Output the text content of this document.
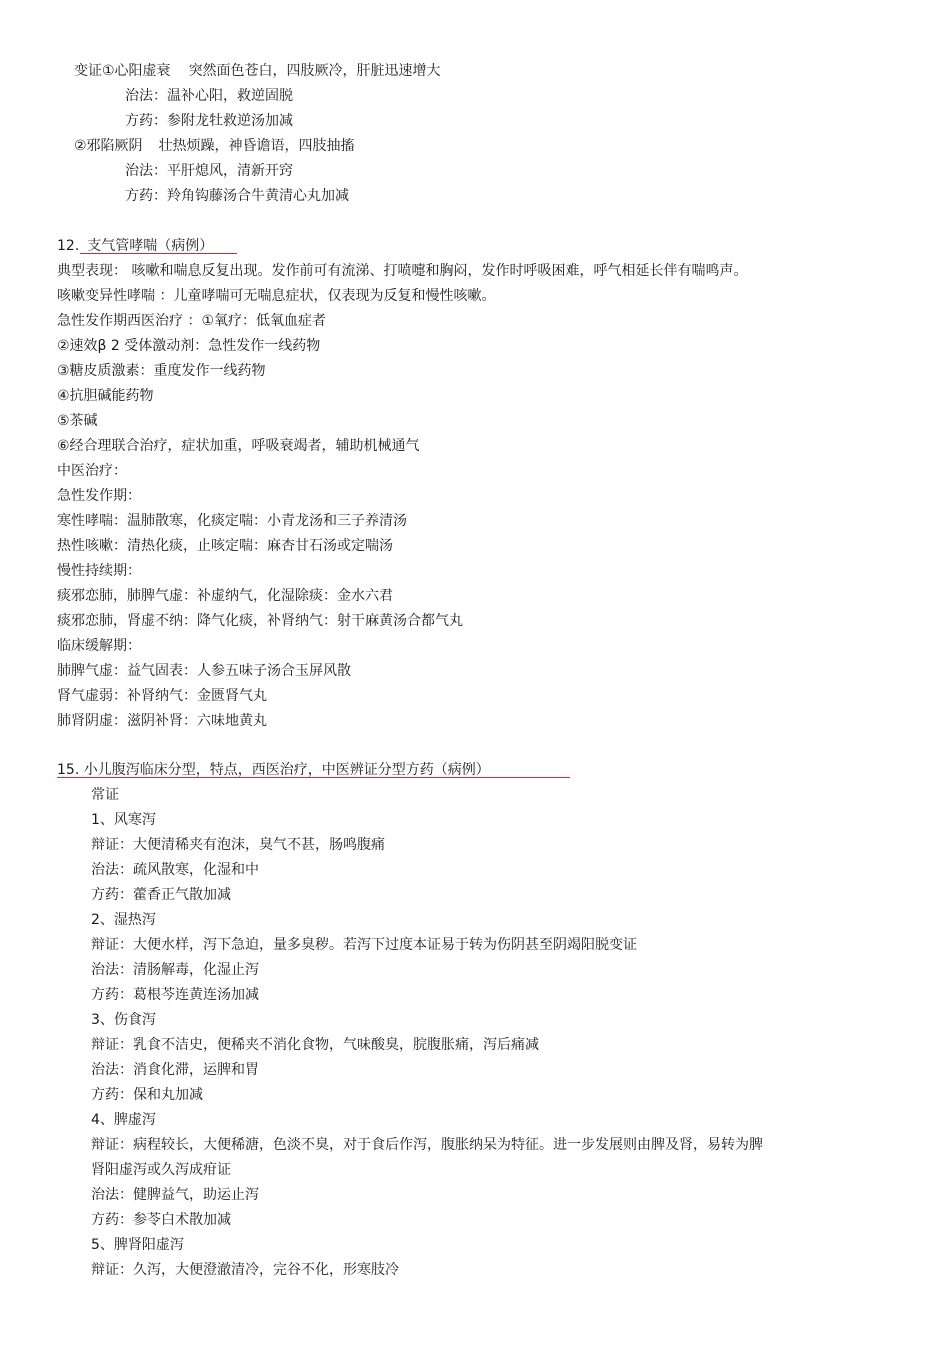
变证①心阳虚衰 突然面色苍白，四肢厥冷，肝脏迅速增大
治法：温补心阳，救逆固脱
方药：参附龙牡救逆汤加减
②邪陷厥阴 壮热烦躁，神昏谵语，四肢抽搐
治法：平肝熄风，清新开窍
方药：羚角钩藤汤合牛黄清心丸加减
12. 支气管哮喘（病例）
典型表现： 咳嗽和喘息反复出现。发作前可有流涕、打喷嚏和胸闷，发作时呼吸困难，呼气相延长伴有喘鸣声。
咳嗽变异性哮喘 ：儿童哮喘可无喘息症状，仅表现为反复和慢性咳嗽。
急性发作期西医治疗 ：①氧疗：低氧血症者
②速效β 2 受体激动剂：急性发作一线药物
③糖皮质激素：重度发作一线药物
④抗胆碱能药物
⑤茶碱
⑥经合理联合治疗，症状加重，呼吸衰竭者，辅助机械通气
中医治疗：
急性发作期：
寒性哮喘：温肺散寒，化痰定喘：小青龙汤和三子养清汤
热性咳嗽：清热化痰，止咳定喘：麻杏甘石汤或定喘汤
慢性持续期：
痰邪恋肺，肺脾气虚：补虚纳气，化湿除痰：金水六君
痰邪恋肺，肾虚不纳：降气化痰，补肾纳气：射干麻黄汤合都气丸
临床缓解期：
肺脾气虚：益气固表：人参五味子汤合玉屏风散
肾气虚弱：补肾纳气：金匮肾气丸
肺肾阴虚：滋阴补肾：六味地黄丸
15. 小儿腹泻临床分型，特点，西医治疗，中医辨证分型方药（病例）
常证
1、风寒泻
辩证：大便清稀夹有泡沫，臭气不甚，肠鸣腹痛
治法：疏风散寒，化湿和中
方药：藿香正气散加减
2、湿热泻
辩证：大便水样，泻下急迫，量多臭秽。若泻下过度本证易于转为伤阴甚至阴竭阳脱变证
治法：清肠解毒，化湿止泻
方药：葛根芩连黄连汤加减
3、伤食泻
辩证：乳食不洁史，便稀夹不消化食物，气味酸臭，脘腹胀痛，泻后痛减
治法：消食化滞，运脾和胃
方药：保和丸加减
4、脾虚泻
辩证：病程较长，大便稀溏，色淡不臭，对于食后作泻，腹胀纳呆为特征。进一步发展则由脾及肾，易转为脾
肾阳虚泻或久泻成疳证
治法：健脾益气，助运止泻
方药：参苓白术散加减
5、脾肾阳虚泻
辩证：久泻，大便澄澈清冷，完谷不化，形寒肢冷
